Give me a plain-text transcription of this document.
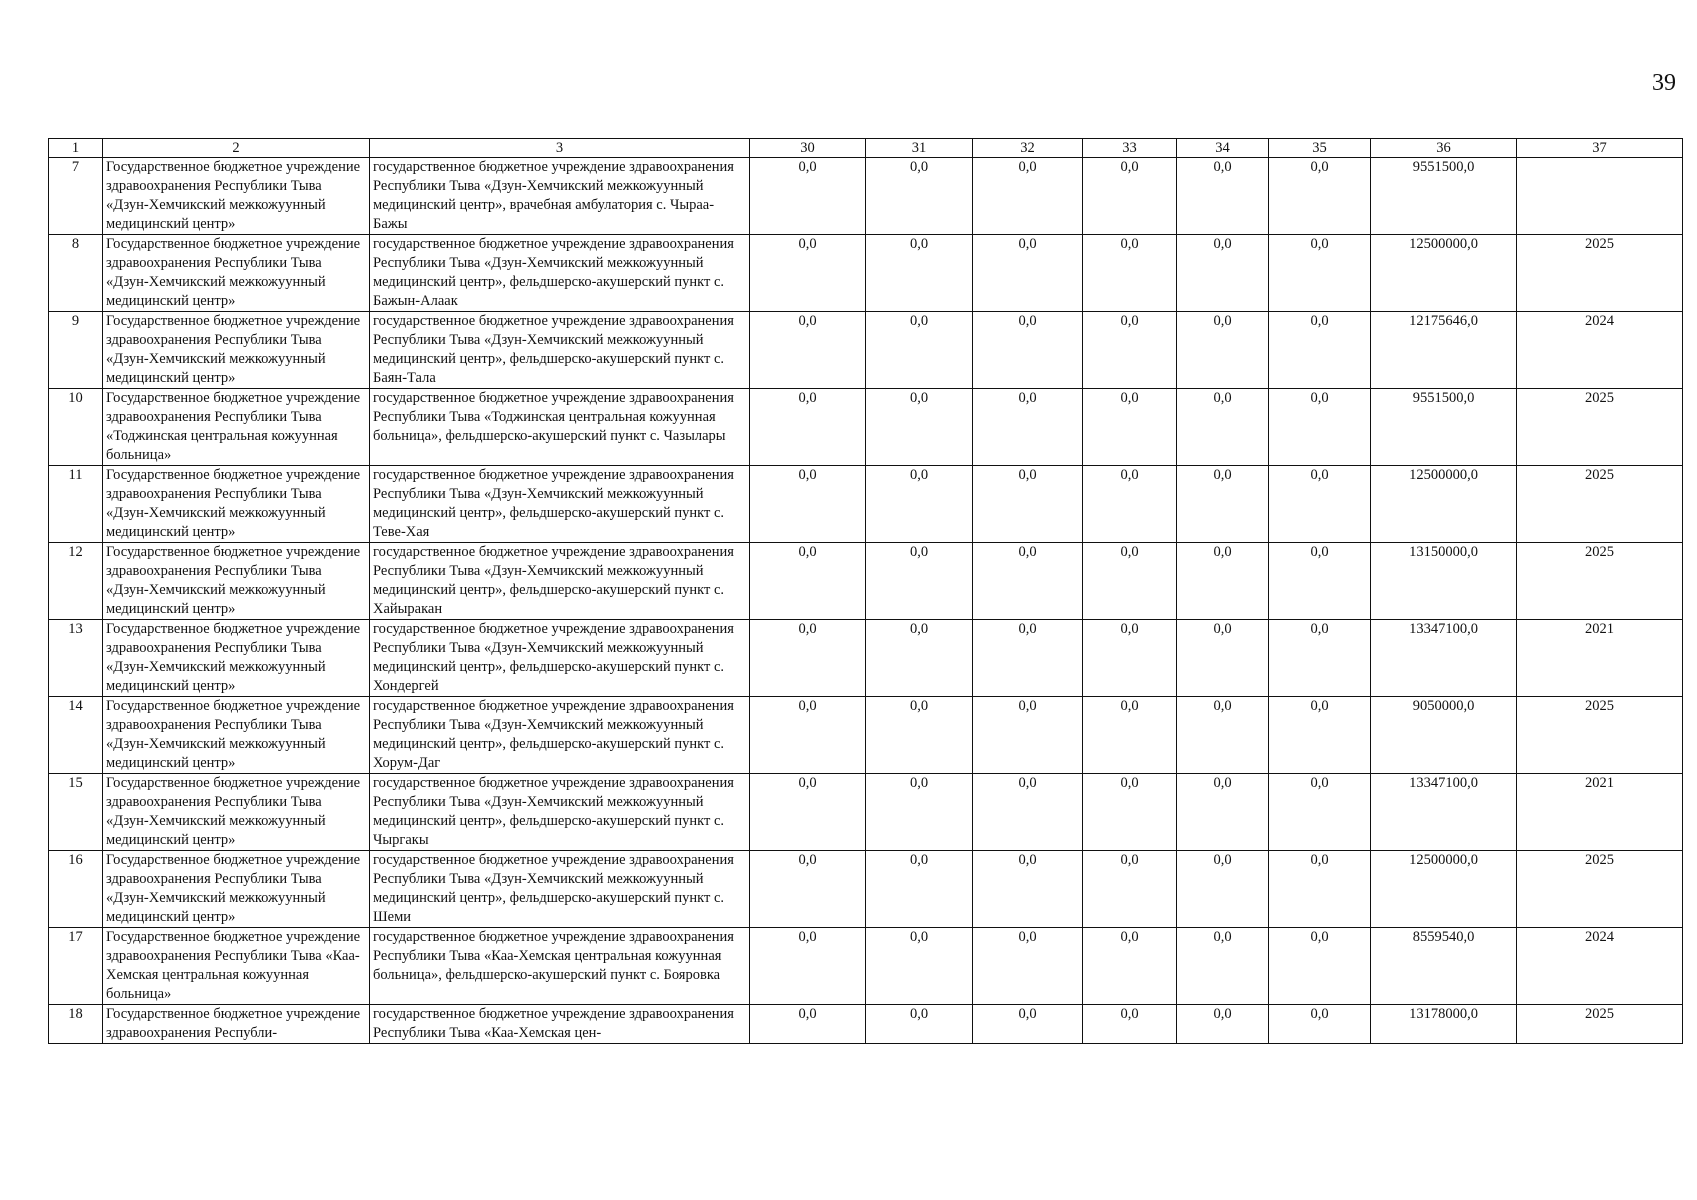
39
1	2	3	30	31	32	33	34	35	36	37
7	Государственное бюджетное учреждение здравоохранения Республики Тыва «Дзун-Хемчикский межкожуунный медицинский центр»	государственное бюджетное учреждение здравоохранения Республики Тыва «Дзун-Хемчикский межкожуунный медицинский центр», врачебная амбулатория с. Чыраа-Бажы	0,0	0,0	0,0	0,0	0,0	0,0	9551500,0	
8	Государственное бюджетное учреждение здравоохранения Республики Тыва «Дзун-Хемчикский межкожуунный медицинский центр»	государственное бюджетное учреждение здравоохранения Республики Тыва «Дзун-Хемчикский межкожуунный медицинский центр», фельдшерско-акушерский пункт с. Бажын-Алаак	0,0	0,0	0,0	0,0	0,0	0,0	12500000,0	2025
9	Государственное бюджетное учреждение здравоохранения Республики Тыва «Дзун-Хемчикский межкожуунный медицинский центр»	государственное бюджетное учреждение здравоохранения Республики Тыва «Дзун-Хемчикский межкожуунный медицинский центр», фельдшерско-акушерский пункт с. Баян-Тала	0,0	0,0	0,0	0,0	0,0	0,0	12175646,0	2024
10	Государственное бюджетное учреждение здравоохранения Республики Тыва «Тоджинская центральная кожуунная больница»	государственное бюджетное учреждение здравоохранения Республики Тыва «Тоджинская центральная кожуунная больница», фельдшерско-акушерский пункт с. Чазылары	0,0	0,0	0,0	0,0	0,0	0,0	9551500,0	2025
11	Государственное бюджетное учреждение здравоохранения Республики Тыва «Дзун-Хемчикский межкожуунный медицинский центр»	государственное бюджетное учреждение здравоохранения Республики Тыва «Дзун-Хемчикский межкожуунный медицинский центр», фельдшерско-акушерский пункт с. Теве-Хая	0,0	0,0	0,0	0,0	0,0	0,0	12500000,0	2025
12	Государственное бюджетное учреждение здравоохранения Республики Тыва «Дзун-Хемчикский межкожуунный медицинский центр»	государственное бюджетное учреждение здравоохранения Республики Тыва «Дзун-Хемчикский межкожуунный медицинский центр», фельдшерско-акушерский пункт с. Хайыракан	0,0	0,0	0,0	0,0	0,0	0,0	13150000,0	2025
13	Государственное бюджетное учреждение здравоохранения Республики Тыва «Дзун-Хемчикский межкожуунный медицинский центр»	государственное бюджетное учреждение здравоохранения Республики Тыва «Дзун-Хемчикский межкожуунный медицинский центр», фельдшерско-акушерский пункт с. Хондергей	0,0	0,0	0,0	0,0	0,0	0,0	13347100,0	2021
14	Государственное бюджетное учреждение здравоохранения Республики Тыва «Дзун-Хемчикский межкожуунный медицинский центр»	государственное бюджетное учреждение здравоохранения Республики Тыва «Дзун-Хемчикский межкожуунный медицинский центр», фельдшерско-акушерский пункт с. Хорум-Даг	0,0	0,0	0,0	0,0	0,0	0,0	9050000,0	2025
15	Государственное бюджетное учреждение здравоохранения Республики Тыва «Дзун-Хемчикский межкожуунный медицинский центр»	государственное бюджетное учреждение здравоохранения Республики Тыва «Дзун-Хемчикский межкожуунный медицинский центр», фельдшерско-акушерский пункт с. Чыргакы	0,0	0,0	0,0	0,0	0,0	0,0	13347100,0	2021
16	Государственное бюджетное учреждение здравоохранения Республики Тыва «Дзун-Хемчикский межкожуунный медицинский центр»	государственное бюджетное учреждение здравоохранения Республики Тыва «Дзун-Хемчикский межкожуунный медицинский центр», фельдшерско-акушерский пункт с. Шеми	0,0	0,0	0,0	0,0	0,0	0,0	12500000,0	2025
17	Государственное бюджетное учреждение здравоохранения Республики Тыва «Каа-Хемская центральная кожуунная больница»	государственное бюджетное учреждение здравоохранения Республики Тыва «Каа-Хемская центральная кожуунная больница», фельдшерско-акушерский пункт с. Бояровка	0,0	0,0	0,0	0,0	0,0	0,0	8559540,0	2024
18	Государственное бюджетное учреждение здравоохранения Республи-	государственное бюджетное учреждение здравоохранения Республики Тыва «Каа-Хемская цен-	0,0	0,0	0,0	0,0	0,0	0,0	13178000,0	2025
